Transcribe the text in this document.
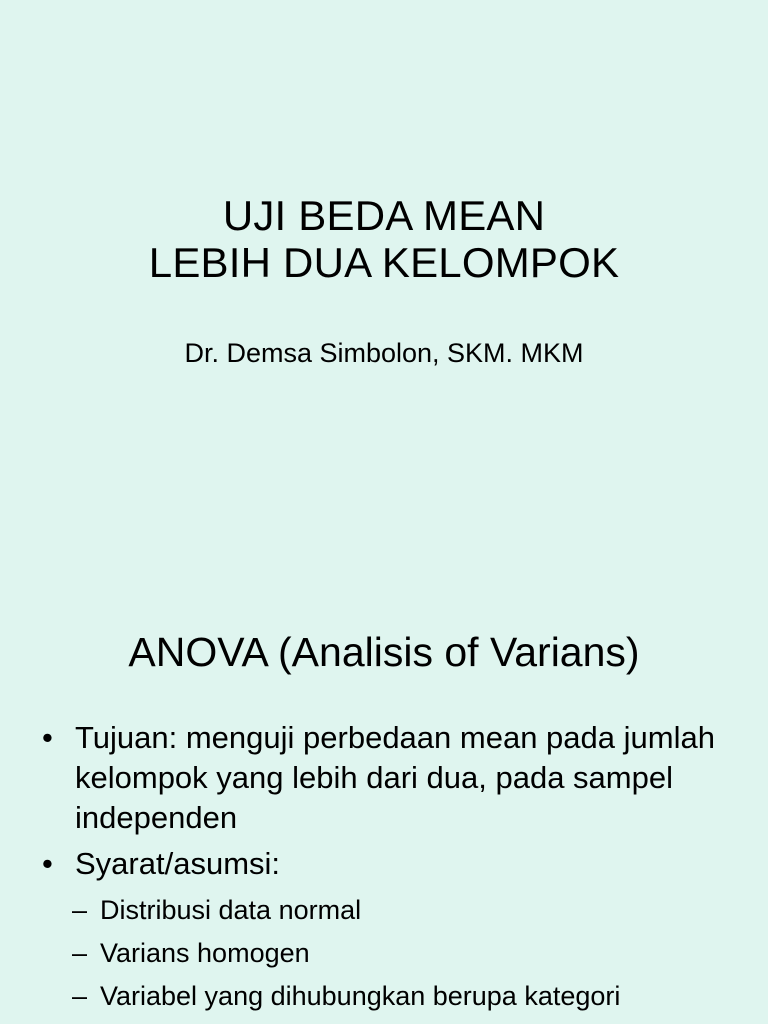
UJI BEDA MEAN
LEBIH DUA KELOMPOK
Dr. Demsa Simbolon, SKM. MKM
ANOVA (Analisis of Varians)
• Tujuan: menguji perbedaan mean pada jumlah kelompok yang lebih dari dua, pada sampel independen
• Syarat/asumsi:
– Distribusi data normal
– Varians homogen
– Variabel yang dihubungkan berupa kategori
